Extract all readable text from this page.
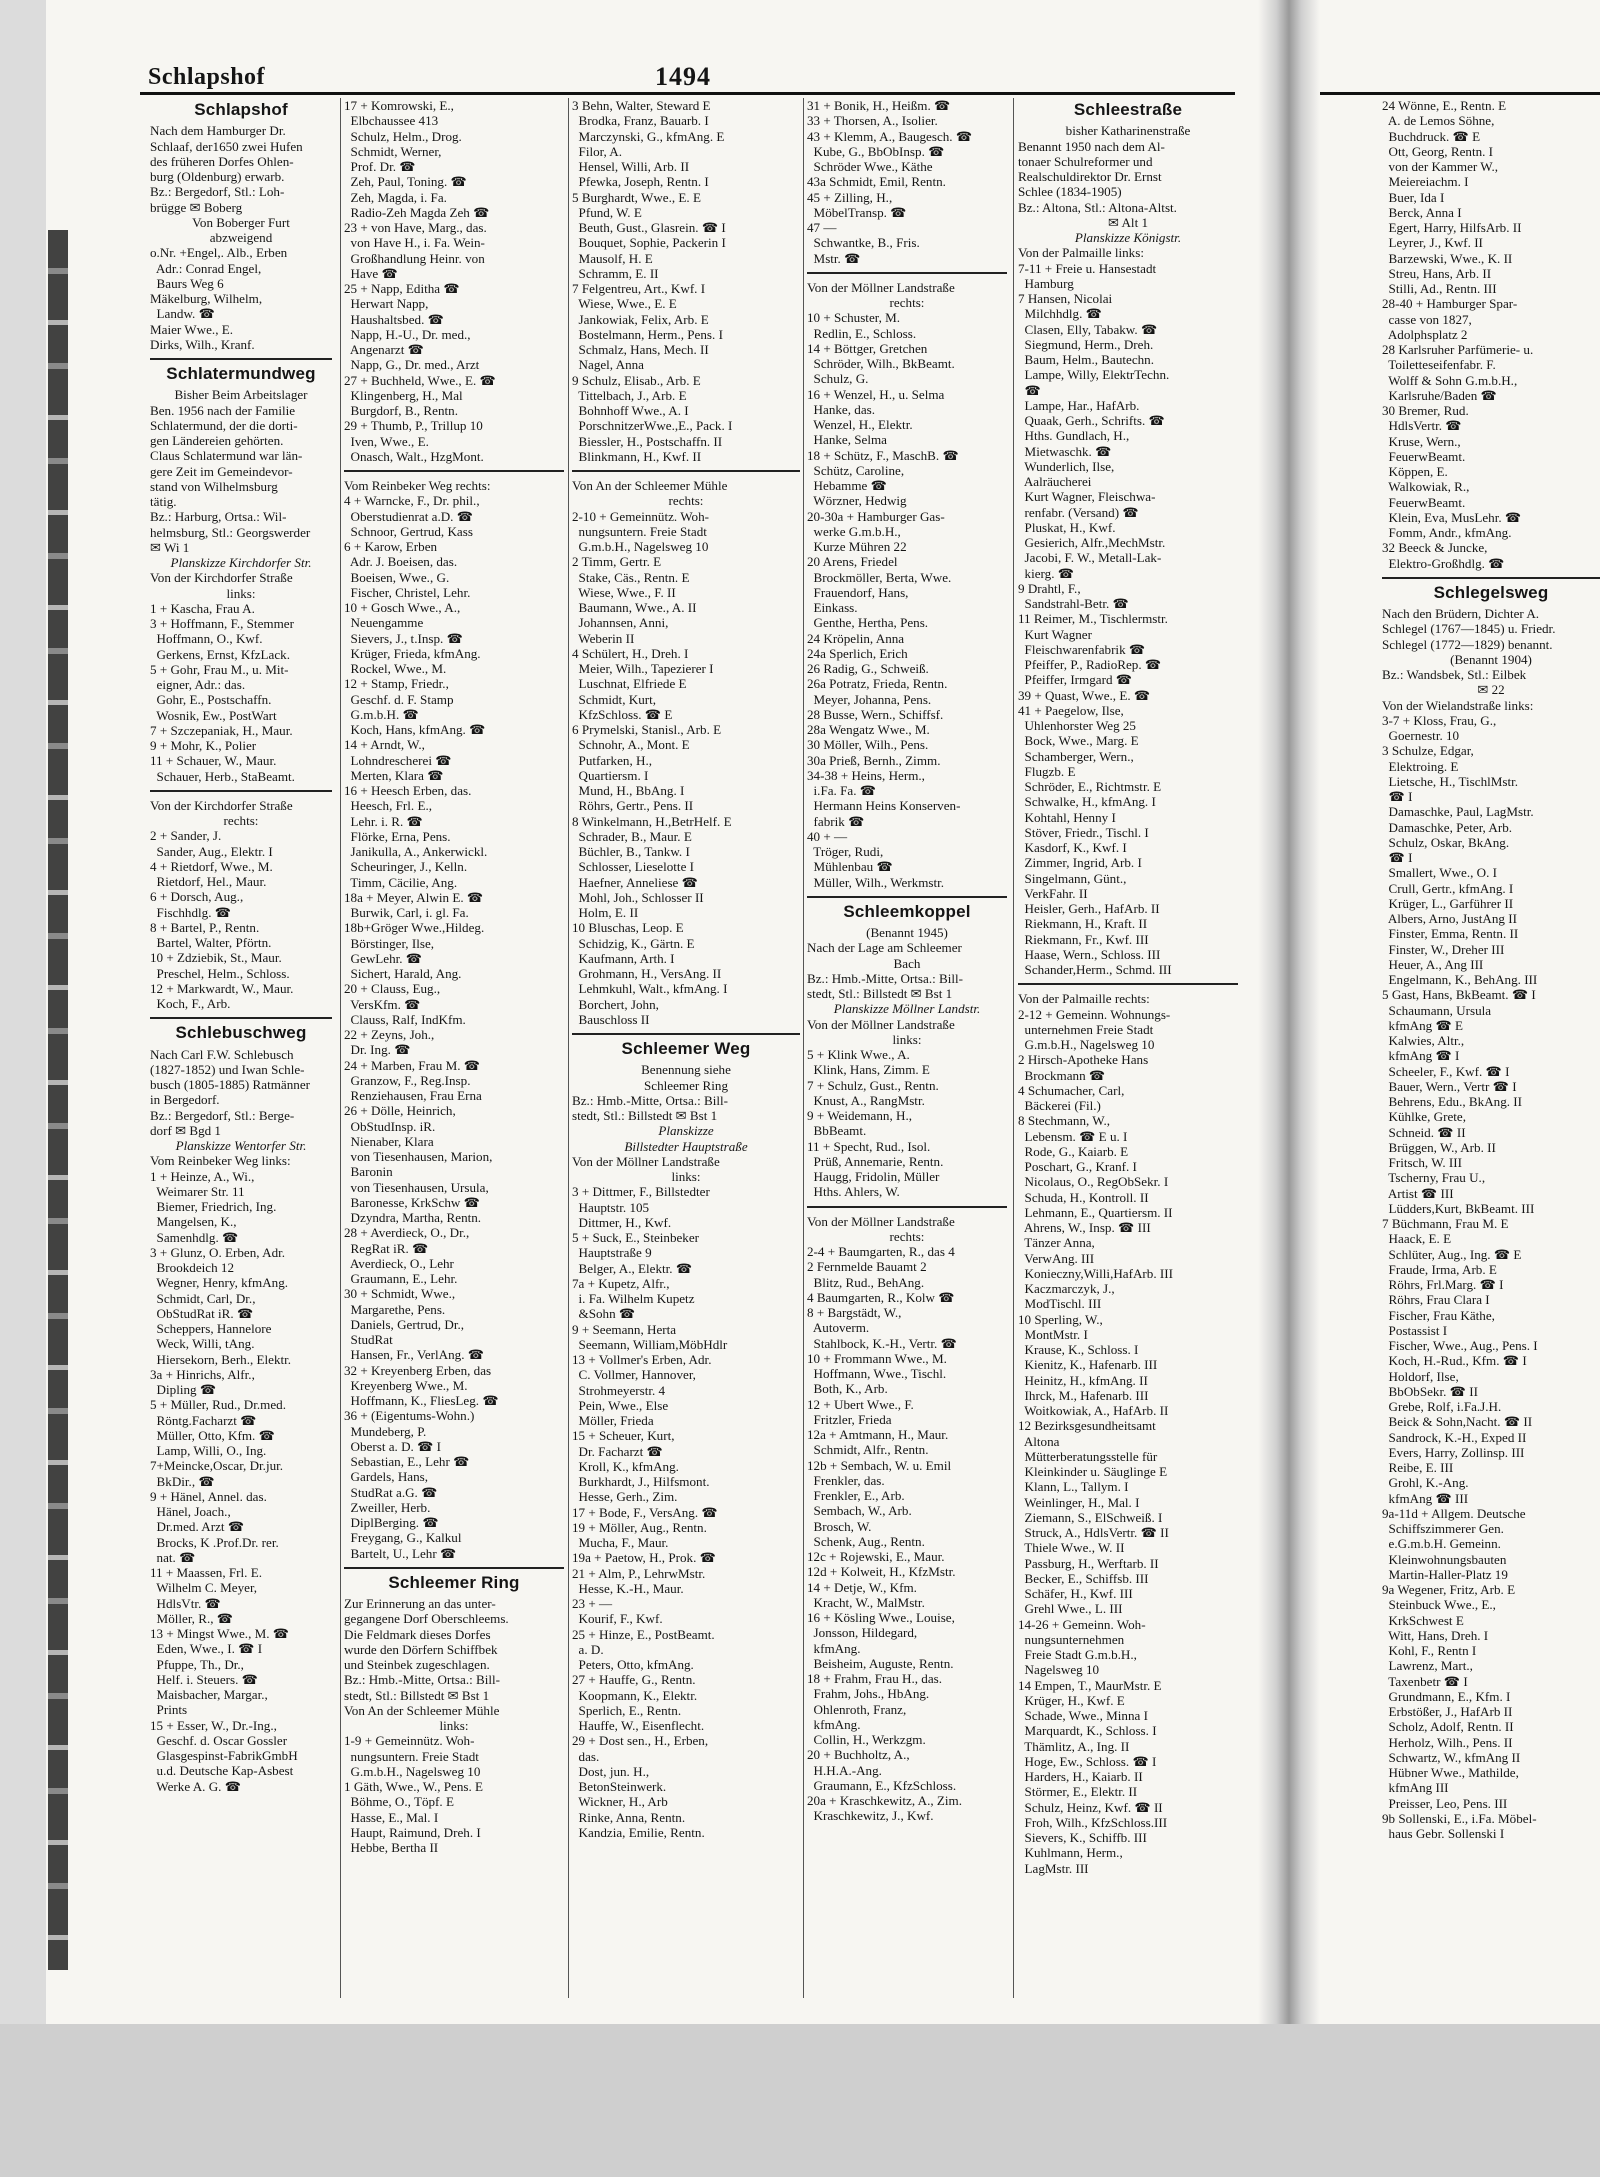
Schlapshof	1494
Schlapshof
Nach dem Hamburger Dr.
Schlaaf, der1650 zwei Hufen
des früheren Dorfes Ohlen-
burg (Oldenburg) erwarb.
Bz.: Bergedorf, Stl.: Loh-
brügge ✉ Boberg
Von Boberger Furt
abzweigend
o.Nr. +Engel,. Alb., Erben
Adr.: Conrad Engel,
Baurs Weg 6
Mäkelburg, Wilhelm,
Landw. ☎
Maier Wwe., E.
Dirks, Wilh., Kranf.
Schlatermundweg
Bisher Beim Arbeitslager
Ben. 1956 nach der Familie
Schlatermund, der die dorti-
gen Ländereien gehörten.
Claus Schlatermund war län-
gere Zeit im Gemeindevor-
stand von Wilhelmsburg
tätig.
Bz.: Harburg, Ortsa.: Wil-
helmsburg, Stl.: Georgswerder
✉ Wi 1
Planskizze Kirchdorfer Str.
Von der Kirchdorfer Straße
links:
1 + Kascha, Frau A.
3 + Hoffmann, F., Stemmer
Hoffmann, O., Kwf.
Gerkens, Ernst, KfzLack.
5 + Gohr, Frau M., u. Mit-
eigner, Adr.: das.
Gohr, E., Postschaffn.
Wosnik, Ew., PostWart
7 + Szczepaniak, H., Maur.
9 + Mohr, K., Polier
11 + Schauer, W., Maur.
Schauer, Herb., StaBeamt.
Von der Kirchdorfer Straße
rechts:
2 + Sander, J.
Sander, Aug., Elektr. I
4 + Rietdorf, Wwe., M.
Rietdorf, Hel., Maur.
6 + Dorsch, Aug.,
Fischhdlg. ☎
8 + Bartel, P., Rentn.
Bartel, Walter, Pförtn.
10 + Zdziebik, St., Maur.
Preschel, Helm., Schloss.
12 + Markwardt, W., Maur.
Koch, F., Arb.
Schlebuschweg
Nach Carl F.W. Schlebusch
(1827-1852) und Iwan Schle-
busch (1805-1885) Ratmänner
in Bergedorf.
Bz.: Bergedorf, Stl.: Berge-
dorf ✉ Bgd 1
Planskizze Wentorfer Str.
Vom Reinbeker Weg links:
1 + Heinze, A., Wi.,
Weimarer Str. 11
Biemer, Friedrich, Ing.
Mangelsen, K.,
Samenhdlg. ☎
3 + Glunz, O. Erben, Adr.
Brookdeich 12
Wegner, Henry, kfmAng.
Schmidt, Carl, Dr.,
ObStudRat iR. ☎
Scheppers, Hannelore
Weck, Willi, tAng.
Hiersekorn, Berh., Elektr.
3a + Hinrichs, Alfr.,
Dipling ☎
5 + Müller, Rud., Dr.med.
Röntg.Facharzt ☎
Müller, Otto, Kfm. ☎
Lamp, Willi, O., Ing.
7+Meincke,Oscar, Dr.jur.
BkDir., ☎
9 + Hänel, Annel. das.
Hänel, Joach.,
Dr.med. Arzt ☎
Brocks, K .Prof.Dr. rer.
nat. ☎
11 + Maassen, Frl. E.
Wilhelm C. Meyer,
HdlsVtr. ☎
Möller, R., ☎
13 + Mingst Wwe., M. ☎
Eden, Wwe., I. ☎ I
Pfuppe, Th., Dr.,
Helf. i. Steuers. ☎
Maisbacher, Margar.,
Prints
15 + Esser, W., Dr.-Ing.,
Geschf. d. Oscar Gossler
Glasgespinst-FabrikGmbH
u.d. Deutsche Kap-Asbest
Werke A. G. ☎
17 + Komrowski, E.,
Elbchaussee 413
Schulz, Helm., Drog.
Schmidt, Werner,
Prof. Dr. ☎
Zeh, Paul, Toning. ☎
Zeh, Magda, i. Fa.
Radio-Zeh Magda Zeh ☎
23 + von Have, Marg., das.
von Have H., i. Fa. Wein-
Großhandlung Heinr. von
Have ☎
25 + Napp, Editha ☎
Herwart Napp,
Haushaltsbed. ☎
Napp, H.-U., Dr. med.,
Angenarzt ☎
Napp, G., Dr. med., Arzt
27 + Buchheld, Wwe., E. ☎
Klingenberg, H., Mal
Burgdorf, B., Rentn.
29 + Thumb, P., Trillup 10
Iven, Wwe., E.
Onasch, Walt., HzgMont.
Vom Reinbeker Weg rechts:
4 + Warncke, F., Dr. phil.,
Oberstudienrat a.D. ☎
Schnoor, Gertrud, Kass
6 + Karow, Erben
Adr. J. Boeisen, das.
Boeisen, Wwe., G.
Fischer, Christel, Lehr.
10 + Gosch Wwe., A.,
Neuengamme
Sievers, J., t.Insp. ☎
Krüger, Frieda, kfmAng.
Rockel, Wwe., M.
12 + Stamp, Friedr.,
Geschf. d. F. Stamp
G.m.b.H. ☎
Koch, Hans, kfmAng. ☎
14 + Arndt, W.,
Lohndrescherei ☎
Merten, Klara ☎
16 + Heesch Erben, das.
Heesch, Frl. E.,
Lehr. i. R. ☎
Flörke, Erna, Pens.
Janikulla, A., Ankerwickl.
Scheuringer, J., Kelln.
Timm, Cäcilie, Ang.
18a + Meyer, Alwin E. ☎
Burwik, Carl, i. gl. Fa.
18b+Gröger Wwe.,Hildeg.
Börstinger, Ilse,
GewLehr. ☎
Sichert, Harald, Ang.
20 + Clauss, Eug.,
VersKfm. ☎
Clauss, Ralf, IndKfm.
22 + Zeyns, Joh.,
Dr. Ing. ☎
24 + Marben, Frau M. ☎
Granzow, F., Reg.Insp.
Renziehausen, Frau Erna
26 + Dölle, Heinrich,
ObStudInsp. iR.
Nienaber, Klara
von Tiesenhausen, Marion,
Baronin
von Tiesenhausen, Ursula,
Baronesse, KrkSchw ☎
Dzyndra, Martha, Rentn.
28 + Averdieck, O., Dr.,
RegRat iR. ☎
Averdieck, O., Lehr
Graumann, E., Lehr.
30 + Schmidt, Wwe.,
Margarethe, Pens.
Daniels, Gertrud, Dr.,
StudRat
Hansen, Fr., VerlAng. ☎
32 + Kreyenberg Erben, das
Kreyenberg Wwe., M.
Hoffmann, K., FliesLeg. ☎
36 + (Eigentums-Wohn.)
Mundeberg, P.
Oberst a. D. ☎ I
Sebastian, E., Lehr ☎
Gardels, Hans,
StudRat a.G. ☎
Zweiller, Herb.
DiplBerging. ☎
Freygang, G., Kalkul
Bartelt, U., Lehr ☎
Schleemer Ring
Zur Erinnerung an das unter-
gegangene Dorf Oberschleems.
Die Feldmark dieses Dorfes
wurde den Dörfern Schiffbek
und Steinbek zugeschlagen.
Bz.: Hmb.-Mitte, Ortsa.: Bill-
stedt, Stl.: Billstedt ✉ Bst 1
Von An der Schleemer Mühle
links:
1-9 + Gemeinnütz. Woh-
nungsuntern. Freie Stadt
G.m.b.H., Nagelsweg 10
1 Gäth, Wwe., W., Pens. E
Böhme, O., Töpf. E
Hasse, E., Mal. I
Haupt, Raimund, Dreh. I
Hebbe, Bertha II
3 Behn, Walter, Steward E
Brodka, Franz, Bauarb. I
Marczynski, G., kfmAng. E
Filor, A.
Hensel, Willi, Arb. II
Pfewka, Joseph, Rentn. I
5 Burghardt, Wwe., E. E
Pfund, W. E
Beuth, Gust., Glasrein. ☎ I
Bouquet, Sophie, Packerin I
Mausolf, H. E
Schramm, E. II
7 Felgentreu, Art., Kwf. I
Wiese, Wwe., E. E
Jankowiak, Felix, Arb. E
Bostelmann, Herm., Pens. I
Schmalz, Hans, Mech. II
Nagel, Anna
9 Schulz, Elisab., Arb. E
Tittelbach, J., Arb. E
Bohnhoff Wwe., A. I
PorschnitzerWwe.,E., Pack. I
Biessler, H., Postschaffn. II
Blinkmann, H., Kwf. II
Von An der Schleemer Mühle
rechts:
2-10 + Gemeinnütz. Woh-
nungsuntern. Freie Stadt
G.m.b.H., Nagelsweg 10
2 Timm, Gertr. E
Stake, Cäs., Rentn. E
Wiese, Wwe., F. II
Baumann, Wwe., A. II
Johannsen, Anni,
Weberin II
4 Schülert, H., Dreh. I
Meier, Wilh., Tapezierer I
Luschnat, Elfriede E
Schmidt, Kurt,
KfzSchloss. ☎ E
6 Prymelski, Stanisl., Arb. E
Schnohr, A., Mont. E
Putfarken, H.,
Quartiersm. I
Mund, H., BbAng. I
Röhrs, Gertr., Pens. II
8 Winkelmann, H.,BetrHelf. E
Schrader, B., Maur. E
Büchler, B., Tankw. I
Schlosser, Lieselotte I
Haefner, Anneliese ☎
Mohl, Joh., Schlosser II
Holm, E. II
10 Bluschas, Leop. E
Schidzig, K., Gärtn. E
Kaufmann, Arth. I
Grohmann, H., VersAng. II
Lehmkuhl, Walt., kfmAng. I
Borchert, John,
Bauschloss II
Schleemer Weg
Benennung siehe
Schleemer Ring
Bz.: Hmb.-Mitte, Ortsa.: Bill-
stedt, Stl.: Billstedt ✉ Bst 1
Planskizze
Billstedter Hauptstraße
Von der Möllner Landstraße
links:
3 + Dittmer, F., Billstedter
Hauptstr. 105
Dittmer, H., Kwf.
5 + Suck, E., Steinbeker
Hauptstraße 9
Belger, A., Elektr. ☎
7a + Kupetz, Alfr.,
i. Fa. Wilhelm Kupetz
&Sohn ☎
9 + Seemann, Herta
Seemann, William,MöbHdlr
13 + Vollmer's Erben, Adr.
C. Vollmer, Hannover,
Strohmeyerstr. 4
Pein, Wwe., Else
Möller, Frieda
15 + Scheuer, Kurt,
Dr. Facharzt ☎
Kroll, K., kfmAng.
Burkhardt, J., Hilfsmont.
Hesse, Gerh., Zim.
17 + Bode, F., VersAng. ☎
19 + Möller, Aug., Rentn.
Mucha, F., Maur.
19a + Paetow, H., Prok. ☎
21 + Alm, P., LehrwMstr.
Hesse, K.-H., Maur.
23 + —
Kourif, F., Kwf.
25 + Hinze, E., PostBeamt.
a. D.
Peters, Otto, kfmAng.
27 + Hauffe, G., Rentn.
Koopmann, K., Elektr.
Sperlich, E., Rentn.
Hauffe, W., Eisenflecht.
29 + Dost sen., H., Erben,
das.
Dost, jun. H.,
BetonSteinwerk.
Wickner, H., Arb
Rinke, Anna, Rentn.
Kandzia, Emilie, Rentn.
31 + Bonik, H., Heißm. ☎
33 + Thorsen, A., Isolier.
43 + Klemm, A., Baugesch. ☎
Kube, G., BbObInsp. ☎
Schröder Wwe., Käthe
43a Schmidt, Emil, Rentn.
45 + Zilling, H.,
MöbelTransp. ☎
47 —
Schwantke, B., Fris.
Mstr. ☎
Von der Möllner Landstraße
rechts:
10 + Schuster, M.
Redlin, E., Schloss.
14 + Böttger, Gretchen
Schröder, Wilh., BkBeamt.
Schulz, G.
16 + Wenzel, H., u. Selma
Hanke, das.
Wenzel, H., Elektr.
Hanke, Selma
18 + Schütz, F., MaschB. ☎
Schütz, Caroline,
Hebamme ☎
Wörzner, Hedwig
20-30a + Hamburger Gas-
werke G.m.b.H.,
Kurze Mühren 22
20 Arens, Friedel
Brockmöller, Berta, Wwe.
Frauendorf, Hans,
Einkass.
Genthe, Hertha, Pens.
24 Kröpelin, Anna
24a Sperlich, Erich
26 Radig, G., Schweiß.
26a Potratz, Frieda, Rentn.
Meyer, Johanna, Pens.
28 Busse, Wern., Schiffsf.
28a Wengatz Wwe., M.
30 Möller, Wilh., Pens.
30a Prieß, Bernh., Zimm.
34-38 + Heins, Herm.,
i.Fa. Fa. ☎
Hermann Heins Konserven-
fabrik ☎
40 + —
Tröger, Rudi,
Mühlenbau ☎
Müller, Wilh., Werkmstr.
Schleemkoppel
(Benannt 1945)
Nach der Lage am Schleemer
Bach
Bz.: Hmb.-Mitte, Ortsa.: Bill-
stedt, Stl.: Billstedt ✉ Bst 1
Planskizze Möllner Landstr.
Von der Möllner Landstraße
links:
5 + Klink Wwe., A.
Klink, Hans, Zimm. E
7 + Schulz, Gust., Rentn.
Knust, A., RangMstr.
9 + Weidemann, H.,
BbBeamt.
11 + Specht, Rud., Isol.
Prüß, Annemarie, Rentn.
Haugg, Fridolin, Müller
Hths. Ahlers, W.
Von der Möllner Landstraße
rechts:
2-4 + Baumgarten, R., das 4
2 Fernmelde Bauamt 2
Blitz, Rud., BehAng.
4 Baumgarten, R., Kolw ☎
8 + Bargstädt, W.,
Autoverm.
Stahlbock, K.-H., Vertr. ☎
10 + Frommann Wwe., M.
Hoffmann, Wwe., Tischl.
Both, K., Arb.
12 + Ubert Wwe., F.
Fritzler, Frieda
12a + Amtmann, H., Maur.
Schmidt, Alfr., Rentn.
12b + Sembach, W. u. Emil
Frenkler, das.
Frenkler, E., Arb.
Sembach, W., Arb.
Brosch, W.
Schenk, Aug., Rentn.
12c + Rojewski, E., Maur.
12d + Kolweit, H., KfzMstr.
14 + Detje, W., Kfm.
Kracht, W., MalMstr.
16 + Kösling Wwe., Louise,
Jonsson, Hildegard,
kfmAng.
Beisheim, Auguste, Rentn.
18 + Frahm, Frau H., das.
Frahm, Johs., HbAng.
Ohlenroth, Franz,
kfmAng.
Collin, H., Werkzgm.
20 + Buchholtz, A.,
H.H.A.-Ang.
Graumann, E., KfzSchloss.
20a + Kraschkewitz, A., Zim.
Kraschkewitz, J., Kwf.
Schleestraße
bisher Katharinenstraße
Benannt 1950 nach dem Al-
tonaer Schulreformer und
Realschuldirektor Dr. Ernst
Schlee (1834-1905)
Bz.: Altona, Stl.: Altona-Altst.
✉ Alt 1
Planskizze Königstr.
Von der Palmaille links:
7-11 + Freie u. Hansestadt
Hamburg
7 Hansen, Nicolai
Milchhdlg. ☎
Clasen, Elly, Tabakw. ☎
Siegmund, Herm., Dreh.
Baum, Helm., Bautechn.
Lampe, Willy, ElektrTechn.
☎
Lampe, Har., HafArb.
Quaak, Gerh., Schrifts. ☎
Hths. Gundlach, H.,
Mietwaschk. ☎
Wunderlich, Ilse,
Aalräucherei
Kurt Wagner, Fleischwa-
renfabr. (Versand) ☎
Pluskat, H., Kwf.
Gesierich, Alfr.,MechMstr.
Jacobi, F. W., Metall-Lak-
kierg. ☎
9 Drahtl, F.,
Sandstrahl-Betr. ☎
11 Reimer, M., Tischlermstr.
Kurt Wagner
Fleischwarenfabrik ☎
Pfeiffer, P., RadioRep. ☎
Pfeiffer, Irmgard ☎
39 + Quast, Wwe., E. ☎
41 + Paegelow, Ilse,
Uhlenhorster Weg 25
Bock, Wwe., Marg. E
Schamberger, Wern.,
Flugzb. E
Schröder, E., Richtmstr. E
Schwalke, H., kfmAng. I
Kohtahl, Henny I
Stöver, Friedr., Tischl. I
Kasdorf, K., Kwf. I
Zimmer, Ingrid, Arb. I
Singelmann, Günt.,
VerkFahr. II
Heisler, Gerh., HafArb. II
Riekmann, H., Kraft. II
Riekmann, Fr., Kwf. III
Haase, Wern., Schloss. III
Schander,Herm., Schmd. III
Von der Palmaille rechts:
2-12 + Gemeinn. Wohnungs-
unternehmen Freie Stadt
G.m.b.H., Nagelsweg 10
2 Hirsch-Apotheke Hans
Brockmann ☎
4 Schumacher, Carl,
Bäckerei (Fil.)
8 Stechmann, W.,
Lebensm. ☎ E u. I
Rode, G., Kaiarb. E
Poschart, G., Kranf. I
Nicolaus, O., RegObSekr. I
Schuda, H., Kontroll. II
Lehmann, E., Quartiersm. II
Ahrens, W., Insp. ☎ III
Tänzer Anna,
VerwAng. III
Konieczny,Willi,HafArb. III
Kaczmarczyk, J.,
ModTischl. III
10 Sperling, W.,
MontMstr. I
Krause, K., Schloss. I
Kienitz, K., Hafenarb. III
Heinitz, H., kfmAng. II
Ihrck, M., Hafenarb. III
Woitkowiak, A., HafArb. II
12 Bezirksgesundheitsamt
Altona
Mütterberatungsstelle für
Kleinkinder u. Säuglinge E
Klann, L., Tallym. I
Weinlinger, H., Mal. I
Ziemann, S., ElSchweiß. I
Struck, A., HdlsVertr. ☎ II
Thiele Wwe., W. II
Passburg, H., Werftarb. II
Becker, E., Schiffsb. III
Schäfer, H., Kwf. III
Grehl Wwe., L. III
14-26 + Gemeinn. Woh-
nungsunternehmen
Freie Stadt G.m.b.H.,
Nagelsweg 10
14 Empen, T., MaurMstr. E
Krüger, H., Kwf. E
Schade, Wwe., Minna I
Marquardt, K., Schloss. I
Thämlitz, A., Ing. II
Hoge, Ew., Schloss. ☎ I
Harders, H., Kaiarb. II
Störmer, E., Elektr. II
Schulz, Heinz, Kwf. ☎ II
Froh, Wilh., KfzSchloss.III
Sievers, K., Schiffb. III
Kuhlmann, Herm.,
LagMstr. III
24 Wönne, E., Rentn. E
A. de Lemos Söhne,
Buchdruck. ☎ E
Ott, Georg, Rentn. I
von der Kammer W.,
Meiereiachm. I
Buer, Ida I
Berck, Anna I
Egert, Harry, HilfsArb. II
Leyrer, J., Kwf. II
Barzewski, Wwe., K. II
Streu, Hans, Arb. II
Stilli, Ad., Rentn. III
28-40 + Hamburger Spar-
casse von 1827,
Adolphsplatz 2
28 Karlsruher Parfümerie- u.
Toiletteseifenfabr. F.
Wolff & Sohn G.m.b.H.,
Karlsruhe/Baden ☎
30 Bremer, Rud.
HdlsVertr. ☎
Kruse, Wern.,
FeuerwBeamt.
Köppen, E.
Walkowiak, R.,
FeuerwBeamt.
Klein, Eva, MusLehr. ☎
Fomm, Andr., kfmAng.
32 Beeck & Juncke,
Elektro-Großhdlg. ☎
Schlegelsweg
Nach den Brüdern, Dichter A.
Schlegel (1767—1845) u. Friedr.
Schlegel (1772—1829) benannt.
(Benannt 1904)
Bz.: Wandsbek, Stl.: Eilbek
✉ 22
Von der Wielandstraße links:
3-7 + Kloss, Frau, G.,
Goernestr. 10
3 Schulze, Edgar,
Elektroing. E
Lietsche, H., TischlMstr.
☎ I
Damaschke, Paul, LagMstr.
Damaschke, Peter, Arb.
Schulz, Oskar, BkAng.
☎ I
Smallert, Wwe., O. I
Crull, Gertr., kfmAng. I
Krüger, L., Garführer II
Albers, Arno, JustAng II
Finster, Emma, Rentn. II
Finster, W., Dreher III
Heuer, A., Ang III
Engelmann, K., BehAng. III
5 Gast, Hans, BkBeamt. ☎ I
Schaumann, Ursula
kfmAng ☎ E
Kalwies, Altr.,
kfmAng ☎ I
Scheeler, F., Kwf. ☎ I
Bauer, Wern., Vertr ☎ I
Behrens, Edu., BkAng. II
Kühlke, Grete,
Schneid. ☎ II
Brüggen, W., Arb. II
Fritsch, W. III
Tscherny, Frau U.,
Artist ☎ III
Lüdders,Kurt, BkBeamt. III
7 Büchmann, Frau M. E
Haack, E. E
Schlüter, Aug., Ing. ☎ E
Fraude, Irma, Arb. E
Röhrs, Frl.Marg. ☎ I
Röhrs, Frau Clara I
Fischer, Frau Käthe,
Postassist I
Fischer, Wwe., Aug., Pens. I
Koch, H.-Rud., Kfm. ☎ I
Holdorf, Ilse,
BbObSekr. ☎ II
Grebe, Rolf, i.Fa.J.H.
Beick & Sohn,Nacht. ☎ II
Sandrock, K.-H., Exped II
Evers, Harry, Zollinsp. III
Reibe, E. III
Grohl, K.-Ang.
kfmAng ☎ III
9a-11d + Allgem. Deutsche
Schiffszimmerer Gen.
e.G.m.b.H. Gemeinn.
Kleinwohnungsbauten
Martin-Haller-Platz 19
9a Wegener, Fritz, Arb. E
Steinbuck Wwe., E.,
KrkSchwest E
Witt, Hans, Dreh. I
Kohl, F., Rentn I
Lawrenz, Mart.,
Taxenbetr ☎ I
Grundmann, E., Kfm. I
Erbstößer, J., HafArb II
Scholz, Adolf, Rentn. II
Herholz, Wilh., Pens. II
Schwartz, W., kfmAng II
Hübner Wwe., Mathilde,
kfmAng III
Preisser, Leo, Pens. III
9b Sollenski, E., i.Fa. Möbel-
haus Gebr. Sollenski I
